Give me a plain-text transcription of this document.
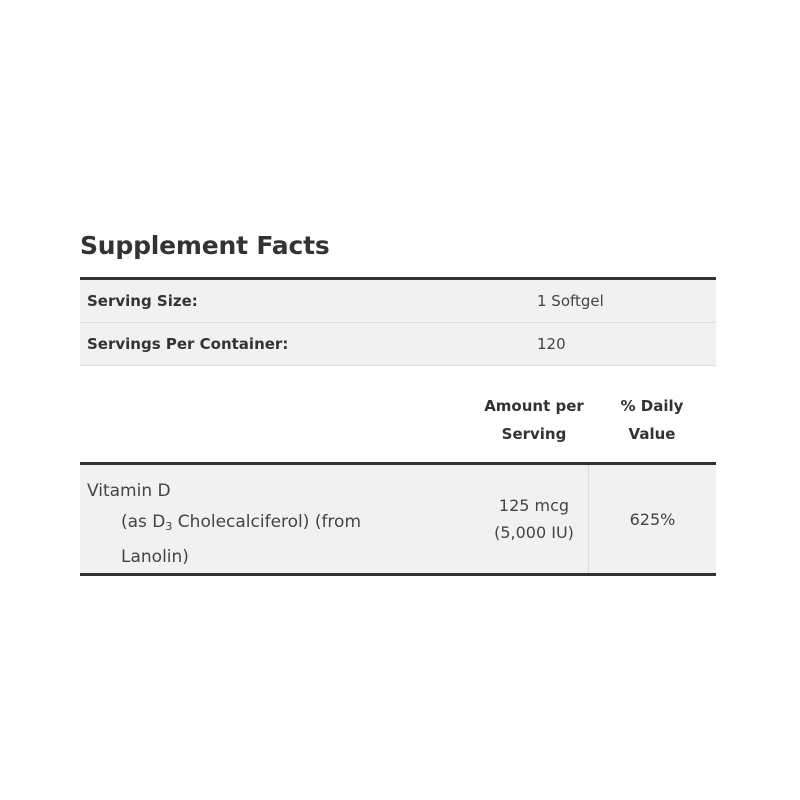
Supplement Facts
Serving Size:	1 Softgel
Servings Per Container:	120
Amount per
Serving
% Daily
Value
Vitamin D
(as $D_3$ Cholecalciferol) (from
Lanolin)
125 mcg
(5,000 IU)
625%
